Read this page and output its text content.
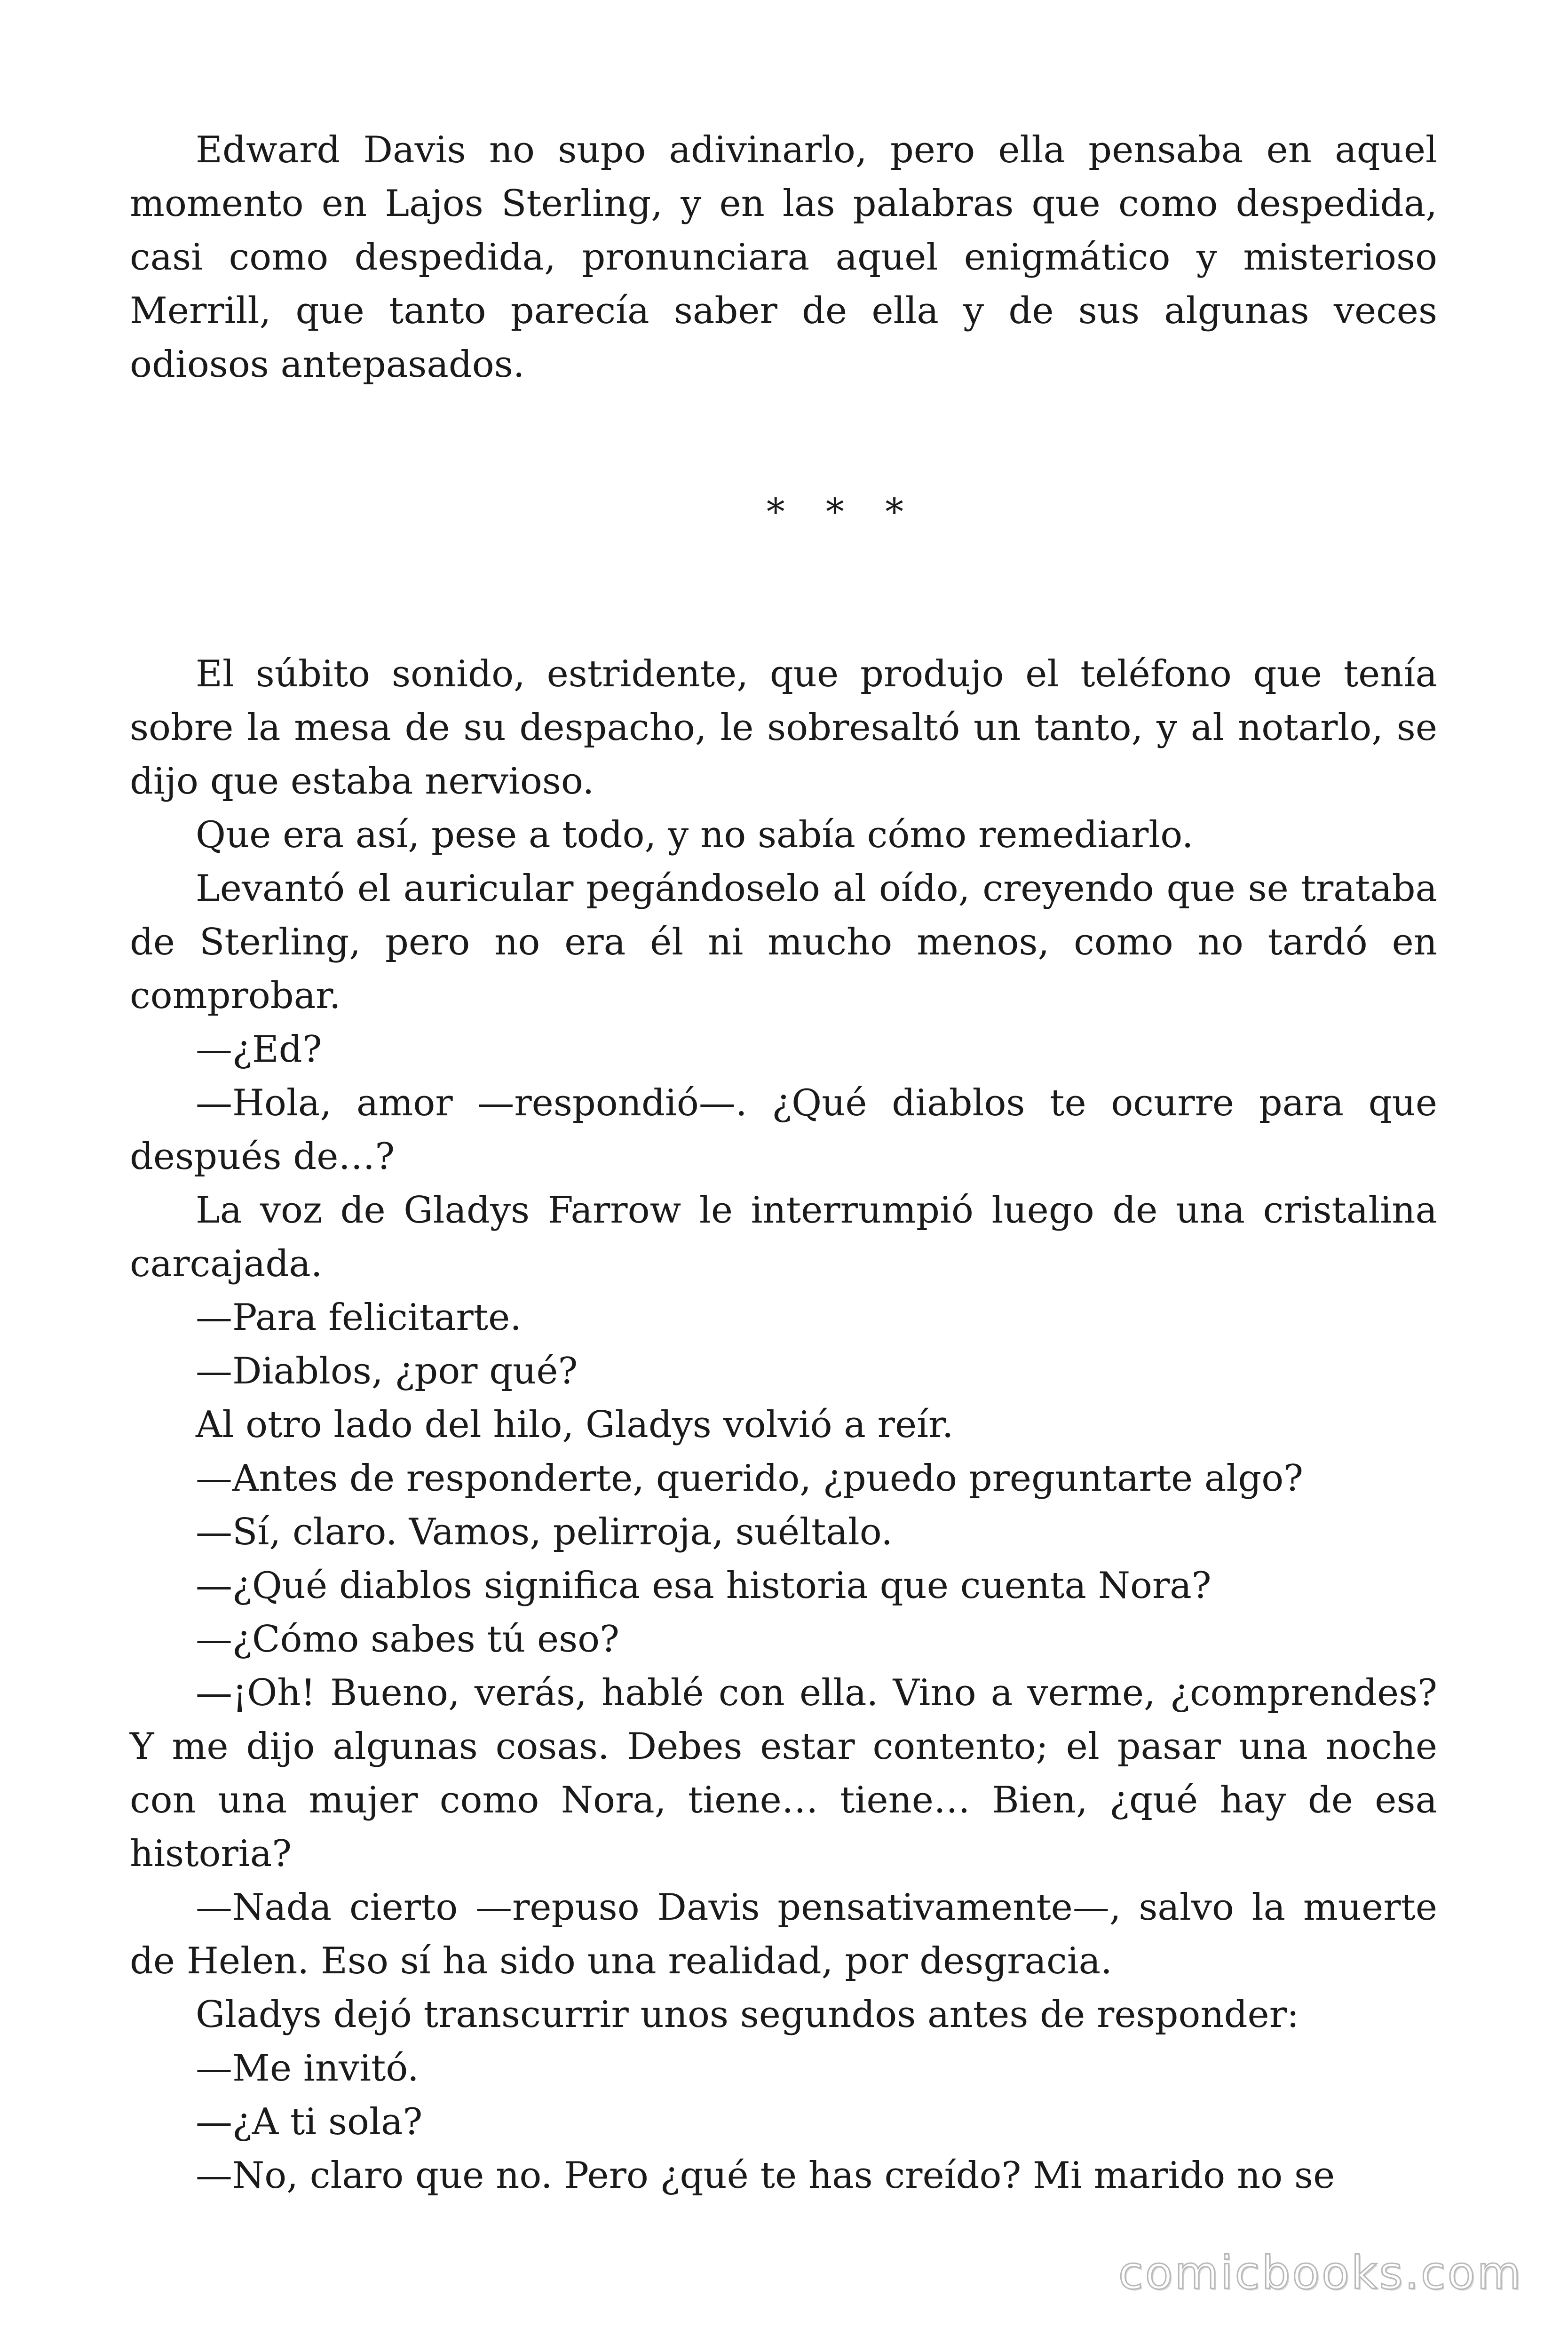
Edward Davis no supo adivinarlo, pero ella pensaba en aquel momento en Lajos Sterling, y en las palabras que como despedida, casi como despedida, pronunciara aquel enigmático y misterioso Merrill, que tanto parecía saber de ella y de sus algunas veces odiosos antepasados.

* * *

El súbito sonido, estridente, que produjo el teléfono que tenía sobre la mesa de su despacho, le sobresaltó un tanto, y al notarlo, se dijo que estaba nervioso.

Que era así, pese a todo, y no sabía cómo remediarlo.

Levantó el auricular pegándoselo al oído, creyendo que se trataba de Sterling, pero no era él ni mucho menos, como no tardó en comprobar.

—¿Ed?

—Hola, amor —respondió—. ¿Qué diablos te ocurre para que después de…?

La voz de Gladys Farrow le interrumpió luego de una cristalina carcajada.

—Para felicitarte.

—Diablos, ¿por qué?

Al otro lado del hilo, Gladys volvió a reír.

—Antes de responderte, querido, ¿puedo preguntarte algo?

—Sí, claro. Vamos, pelirroja, suéltalo.

—¿Qué diablos significa esa historia que cuenta Nora?

—¿Cómo sabes tú eso?

—¡Oh! Bueno, verás, hablé con ella. Vino a verme, ¿comprendes? Y me dijo algunas cosas. Debes estar contento; el pasar una noche con una mujer como Nora, tiene… tiene… Bien, ¿qué hay de esa historia?

—Nada cierto —repuso Davis pensativamente—, salvo la muerte de Helen. Eso sí ha sido una realidad, por desgracia.

Gladys dejó transcurrir unos segundos antes de responder:

—Me invitó.

—¿A ti sola?

—No, claro que no. Pero ¿qué te has creído? Mi marido no se

comicbooks.com
